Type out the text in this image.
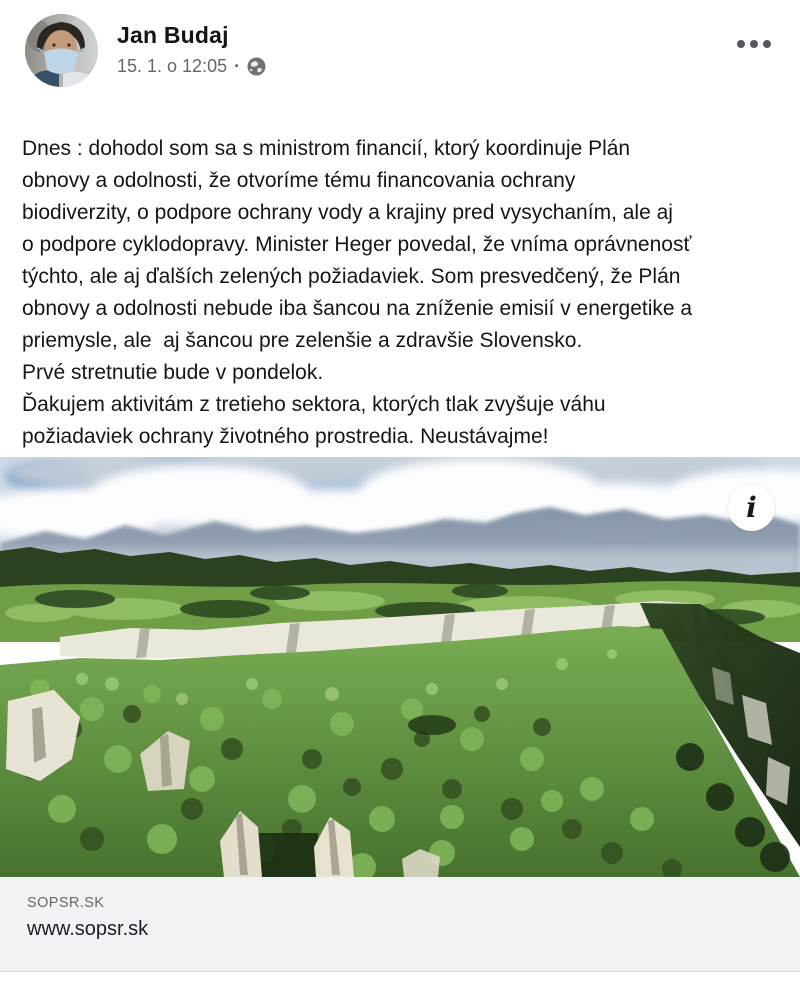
Jan Budaj
15. 1. o 12:05 ·
Dnes : dohodol som sa s ministrom financií, ktorý koordinuje Plán
obnovy a odolnosti, že otvoríme tému financovania ochrany
biodiverzity, o podpore ochrany vody a krajiny pred vysychaním, ale aj
o podpore cyklodopravy. Minister Heger povedal, že vníma oprávnenosť
týchto, ale aj ďalších zelených požiadaviek. Som presvedčený, že Plán
obnovy a odolnosti nebude iba šancou na zníženie emisií v energetike a
priemysle, ale  aj šancou pre zelenšie a zdravšie Slovensko.
Prvé stretnutie bude v pondelok.
Ďakujem aktivitám z tretieho sektora, ktorých tlak zvyšuje váhu
požiadaviek ochrany životného prostredia. Neustávajme!
i

SOPSR.SK

www.sopsr.sk
